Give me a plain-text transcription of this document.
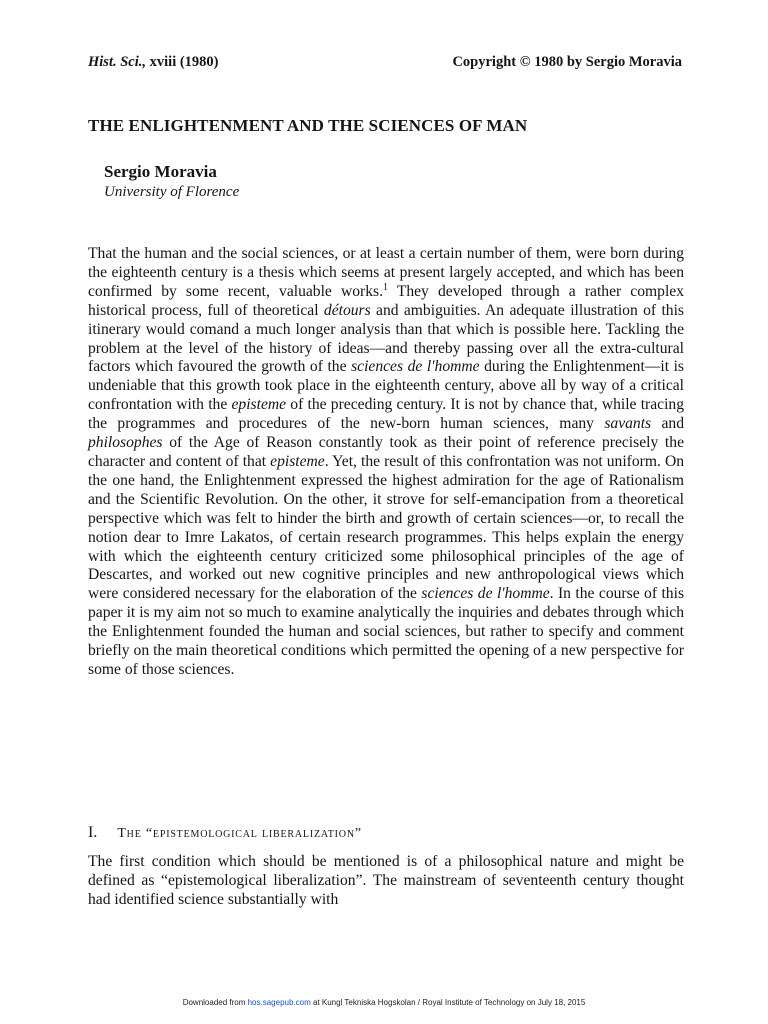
Hist. Sci., xviii (1980)	Copyright © 1980 by Sergio Moravia
THE ENLIGHTENMENT AND THE SCIENCES OF MAN
Sergio Moravia
University of Florence

That the human and the social sciences, or at least a certain number of them, were born during the eighteenth century is a thesis which seems at present largely accepted, and which has been confirmed by some recent, valuable works.$^1$ They developed through a rather complex historical process, full of theoretical détours and ambiguities. An adequate illustration of this itinerary would comand a much longer analysis than that which is possible here. Tackling the problem at the level of the history of ideas—and thereby passing over all the extra-cultural factors which favoured the growth of the sciences de l'homme during the Enlightenment—it is undeniable that this growth took place in the eighteenth century, above all by way of a critical confrontation with the episteme of the preceding century. It is not by chance that, while tracing the programmes and procedures of the new-born human sciences, many savants and philosophes of the Age of Reason constantly took as their point of reference precisely the character and content of that episteme. Yet, the result of this confrontation was not uniform. On the one hand, the Enlightenment expressed the highest admiration for the age of Rationalism and the Scientific Revolution. On the other, it strove for self-emancipation from a theoretical perspective which was felt to hinder the birth and growth of certain sciences—or, to recall the notion dear to Imre Lakatos, of certain research programmes. This helps explain the energy with which the eighteenth century criticized some philosophical principles of the age of Descartes, and worked out new cognitive principles and new anthropological views which were considered necessary for the elaboration of the sciences de l'homme. In the course of this paper it is my aim not so much to examine analytically the inquiries and debates through which the Enlightenment founded the human and social sciences, but rather to specify and comment briefly on the main theoretical conditions which permitted the opening of a new perspective for some of those sciences.

I. The “epistemological liberalization”

The first condition which should be mentioned is of a philosophical nature and might be defined as “epistemological liberalization”. The mainstream of seventeenth century thought had identified science substantially with

Downloaded from hos.sagepub.com at Kungl Tekniska Hogskolan / Royal Institute of Technology on July 18, 2015
